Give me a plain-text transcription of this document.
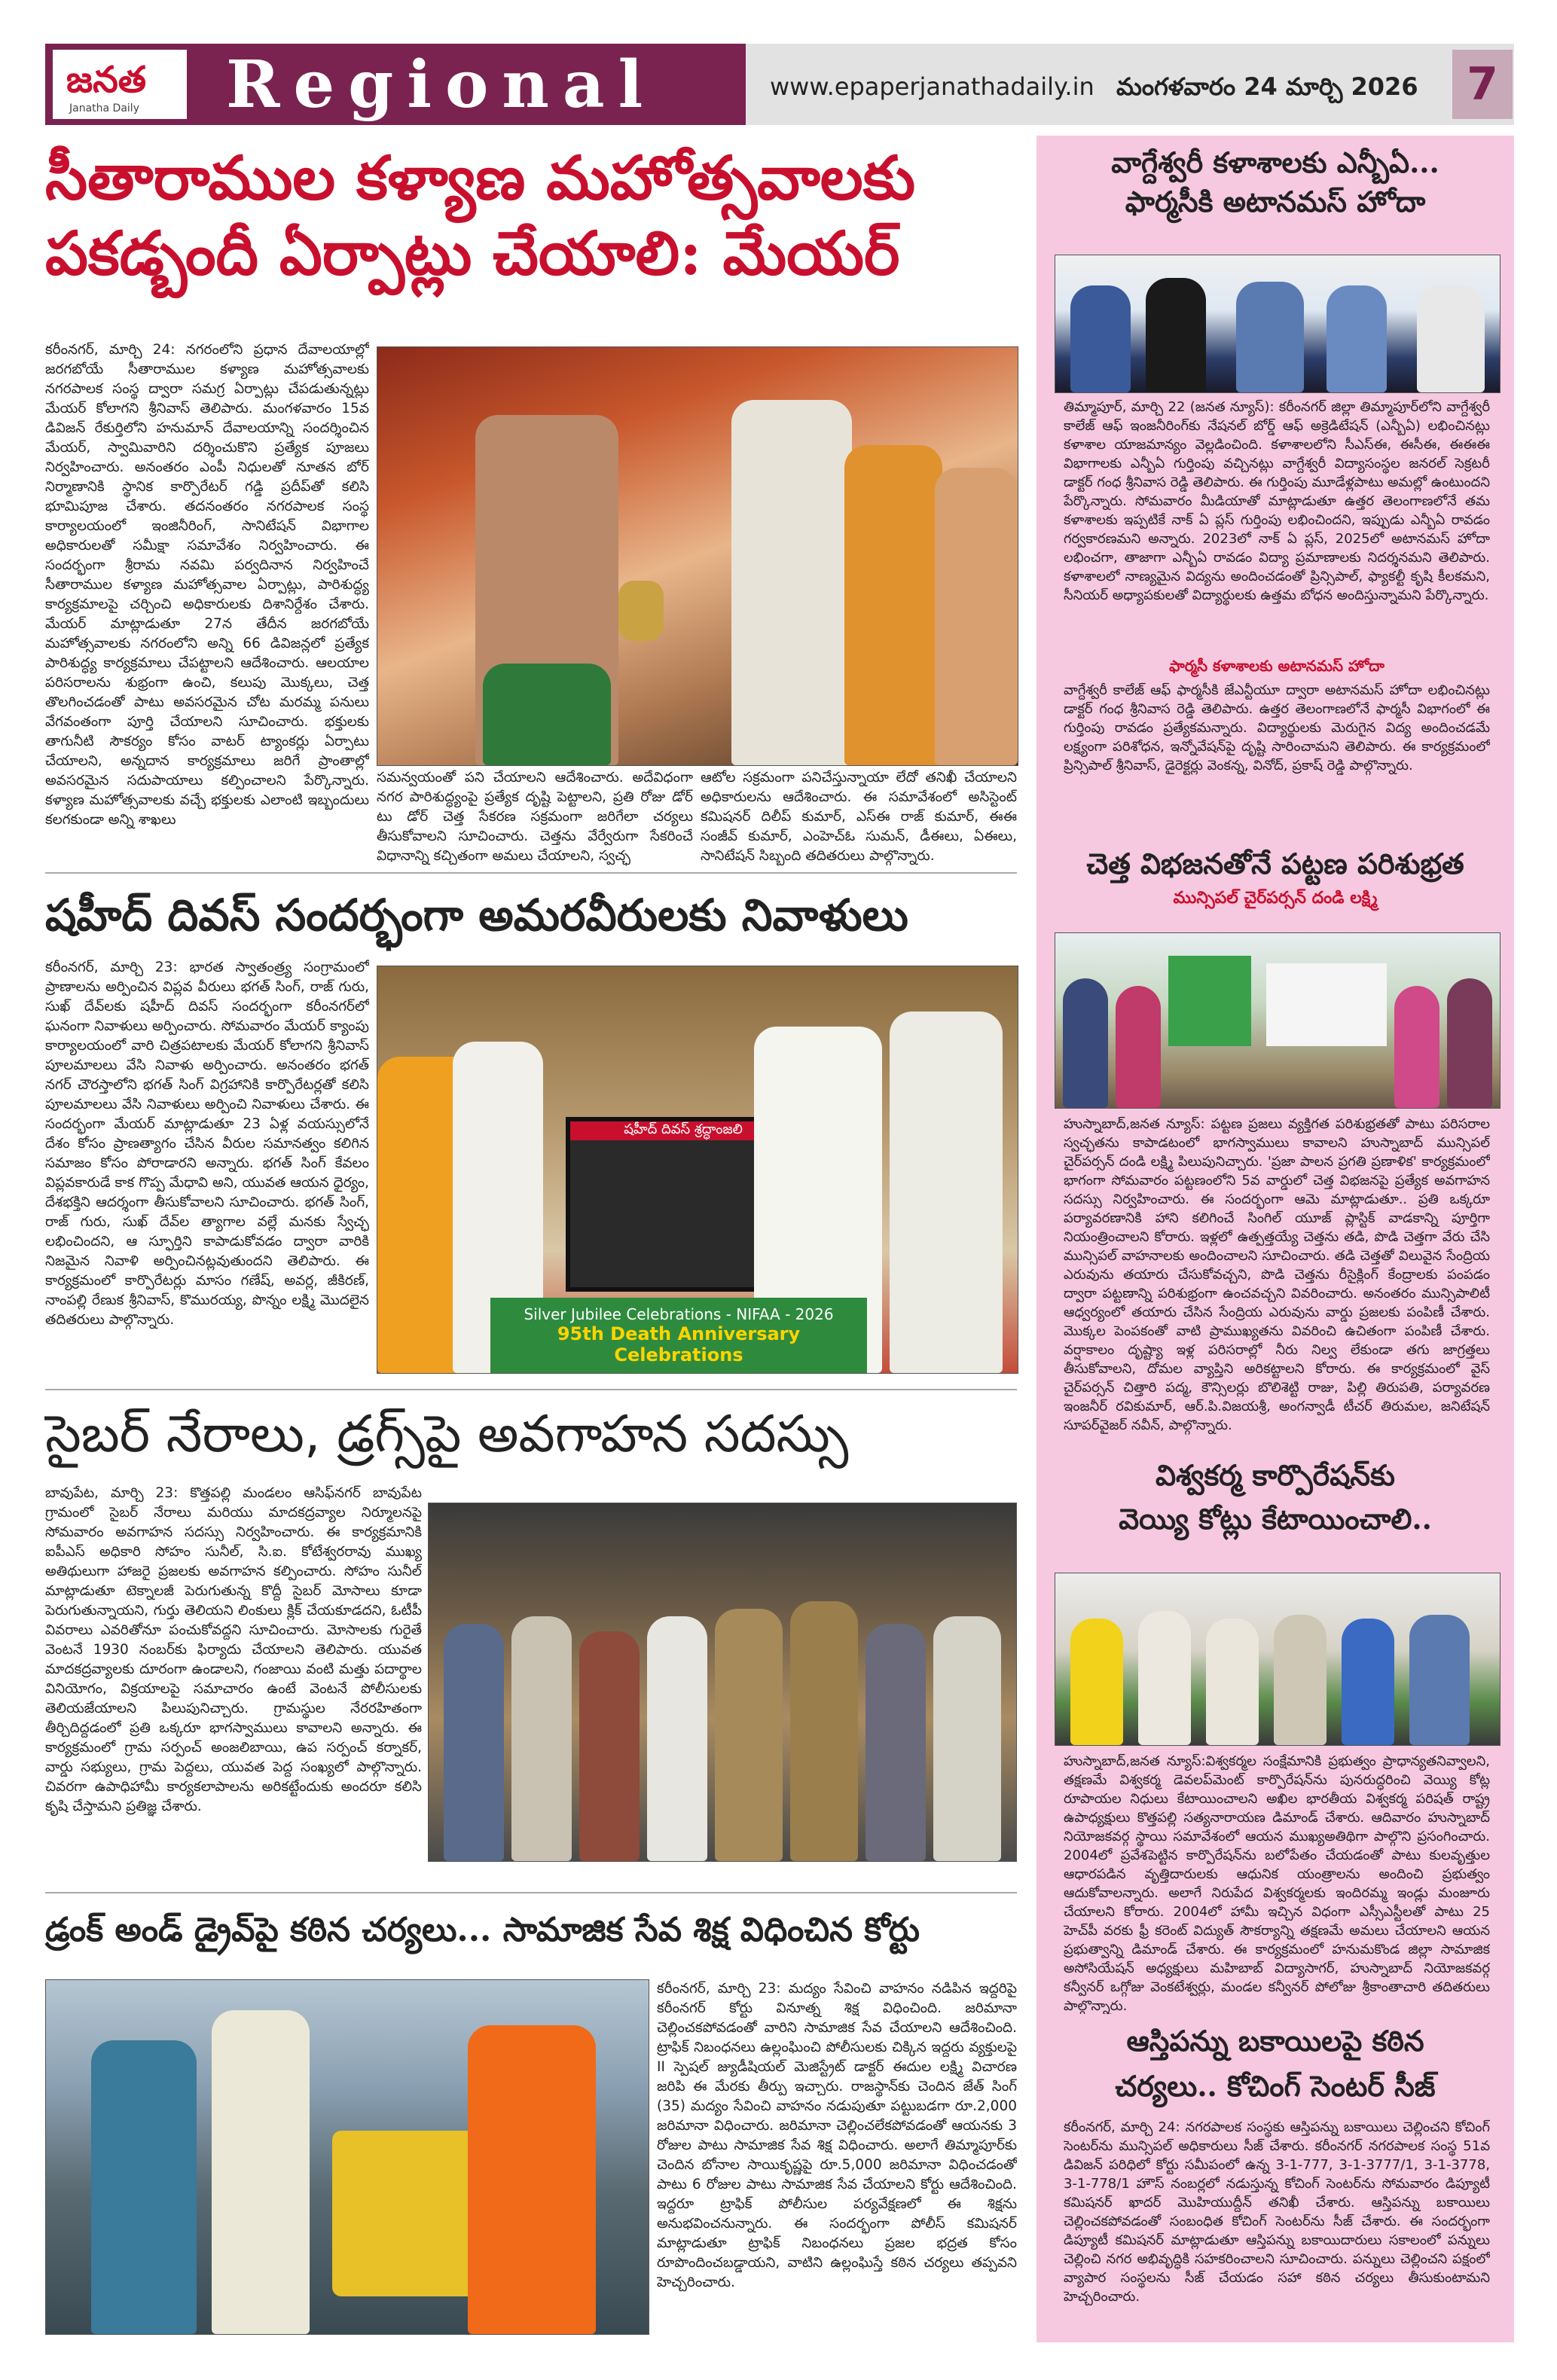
జనత
Janatha Daily	Regional	www.epaperjanathadaily.in మంగళవారం 24 మార్చి 2026	7
సీతారాముల కళ్యాణ మహోత్సవాలకు
పకడ్బందీ ఏర్పాట్లు చేయాలి: మేయర్
కరీంనగర్, మార్చి 24: నగరంలోని ప్రధాన దేవాలయాల్లో జరగబోయే సీతారాముల కళ్యాణ మహోత్సవాలకు నగరపాలక సంస్థ ద్వారా సమగ్ర ఏర్పాట్లు చేపడుతున్నట్లు మేయర్ కోలాగని శ్రీనివాస్ తెలిపారు. మంగళవారం 15వ డివిజన్ రేకుర్తిలోని హనుమాన్ దేవాలయాన్ని సందర్శించిన మేయర్, స్వామివారిని దర్శించుకొని ప్రత్యేక పూజలు నిర్వహించారు. అనంతరం ఎంపీ నిధులతో నూతన బోర్ నిర్మాణానికి స్థానిక కార్పొరేటర్ గడ్డి ప్రదీప్‌తో కలిసి భూమిపూజ చేశారు. తదనంతరం నగరపాలక సంస్థ కార్యాలయంలో ఇంజినీరింగ్, సానిటేషన్ విభాగాల అధికారులతో సమీక్షా సమావేశం నిర్వహించారు. ఈ సందర్భంగా శ్రీరామ నవమి పర్వదినాన నిర్వహించే సీతారాముల కళ్యాణ మహోత్సవాల ఏర్పాట్లు, పారిశుద్ధ్య కార్యక్రమాలపై చర్చించి అధికారులకు దిశానిర్దేశం చేశారు. మేయర్ మాట్లాడుతూ 27న తేదీన జరగబోయే మహోత్సవాలకు నగరంలోని అన్ని 66 డివిజన్లలో ప్రత్యేక పారిశుద్ధ్య కార్యక్రమాలు చేపట్టాలని ఆదేశించారు. ఆలయాల పరిసరాలను శుభ్రంగా ఉంచి, కలుపు మొక్కలు, చెత్త తొలగించడంతో పాటు అవసరమైన చోట మరమ్మ పనులు వేగవంతంగా పూర్తి చేయాలని సూచించారు. భక్తులకు తాగునీటి సౌకర్యం కోసం వాటర్ ట్యాంకర్లు ఏర్పాటు చేయాలని, అన్నదాన కార్యక్రమాలు జరిగే ప్రాంతాల్లో అవసరమైన సదుపాయాలు కల్పించాలని పేర్కొన్నారు. కళ్యాణ మహోత్సవాలకు వచ్చే భక్తులకు ఎలాంటి ఇబ్బందులు కలగకుండా అన్ని శాఖలు
సమన్వయంతో పని చేయాలని ఆదేశించారు. అదేవిధంగా నగర పారిశుద్ధ్యంపై ప్రత్యేక దృష్టి పెట్టాలని, ప్రతి రోజు డోర్ టు డోర్ చెత్త సేకరణ సక్రమంగా జరిగేలా చర్యలు తీసుకోవాలని సూచించారు. చెత్తను వేర్వేరుగా సేకరించే విధానాన్ని కచ్చితంగా అమలు చేయాలని, స్వచ్ఛ
ఆటోల సక్రమంగా పనిచేస్తున్నాయా లేదో తనిఖీ చేయాలని అధికారులను ఆదేశించారు. ఈ సమావేశంలో అసిస్టెంట్ కమిషనర్ దిలీప్ కుమార్, ఎస్ఈ రాజ్ కుమార్, ఈఈ సంజీవ్ కుమార్, ఎంహెచ్ఓ సుమన్, డీఈలు, ఏఈలు, సానిటేషన్ సిబ్బంది తదితరులు పాల్గొన్నారు.
షహీద్ దివస్ సందర్భంగా అమరవీరులకు నివాళులు
కరీంనగర్, మార్చి 23: భారత స్వాతంత్ర్య సంగ్రామంలో ప్రాణాలను అర్పించిన విప్లవ వీరులు భగత్ సింగ్, రాజ్ గురు, సుఖ్ దేవ్‌లకు షహీద్ దివస్ సందర్భంగా కరీంనగర్‌లో ఘనంగా నివాళులు అర్పించారు. సోమవారం మేయర్ క్యాంపు కార్యాలయంలో వారి చిత్రపటాలకు మేయర్ కోలాగని శ్రీనివాస్ పూలమాలలు వేసి నివాళు అర్పించారు. అనంతరం భగత్ నగర్ చౌరస్తాలోని భగత్ సింగ్ విగ్రహానికి కార్పొరేటర్లతో కలిసి పూలమాలలు వేసి నివాళులు అర్పించి నివాళులు చేశారు. ఈ సందర్భంగా మేయర్ మాట్లాడుతూ 23 ఏళ్ల వయస్సులోనే దేశం కోసం ప్రాణత్యాగం చేసిన వీరుల సమానత్వం కలిగిన సమాజం కోసం పోరాడారని అన్నారు. భగత్ సింగ్ కేవలం విప్లవకారుడే కాక గొప్ప మేధావి అని, యువత ఆయన ధైర్యం, దేశభక్తిని ఆదర్శంగా తీసుకోవాలని సూచించారు. భగత్ సింగ్, రాజ్ గురు, సుఖ్ దేవ్‌ల త్యాగాల వల్లే మనకు స్వేచ్ఛ లభించిందని, ఆ స్ఫూర్తిని కాపాడుకోవడం ద్వారా వారికి నిజమైన నివాళి అర్పించినట్లవుతుందని తెలిపారు. ఈ కార్యక్రమంలో కార్పొరేటర్లు మాసం గణేష్, అవర్ల, జీకిరణ్, నాంపల్లి రేణుక శ్రీనివాస్, కొమురయ్య, పొన్నం లక్ష్మి మొదలైన తదితరులు పాల్గొన్నారు.
షహీద్ దివస్ శ్రద్ధాంజలి
Silver Jubilee Celebrations - NIFAA - 2026
95th Death Anniversary Celebrations
సైబర్ నేరాలు, డ్రగ్స్‌పై అవగాహన సదస్సు
బావుపేట, మార్చి 23: కొత్తపల్లి మండలం ఆసిఫ్‌నగర్ బావుపేట గ్రామంలో సైబర్ నేరాలు మరియు మాదకద్రవ్యాల నిర్మూలనపై సోమవారం అవగాహన సదస్సు నిర్వహించారు. ఈ కార్యక్రమానికి ఐపీఎస్ అధికారి సోహం సునీల్, సి.ఐ. కోటేశ్వరరావు ముఖ్య అతిథులుగా హాజరై ప్రజలకు అవగాహన కల్పించారు. సోహం సునీల్ మాట్లాడుతూ టెక్నాలజీ పెరుగుతున్న కొద్దీ సైబర్ మోసాలు కూడా పెరుగుతున్నాయని, గుర్తు తెలియని లింకులు క్లిక్ చేయకూడదని, ఓటీపీ వివరాలు ఎవరితోనూ పంచుకోవద్దని సూచించారు. మోసాలకు గురైతే వెంటనే 1930 నంబర్‌కు ఫిర్యాదు చేయాలని తెలిపారు. యువత మాదకద్రవ్యాలకు దూరంగా ఉండాలని, గంజాయి వంటి మత్తు పదార్థాల వినియోగం, విక్రయాలపై సమాచారం ఉంటే వెంటనే పోలీసులకు తెలియజేయాలని పిలుపునిచ్చారు. గ్రామస్థుల నేరరహితంగా తీర్చిదిద్దడంలో ప్రతి ఒక్కరూ భాగస్వాములు కావాలని అన్నారు. ఈ కార్యక్రమంలో గ్రామ సర్పంచ్ అంజలిబాయి, ఉప సర్పంచ్ కర్నాకర్, వార్డు సభ్యులు, గ్రామ పెద్దలు, యువత పెద్ద సంఖ్యలో పాల్గొన్నారు. చివరగా ఉపాధిహామీ కార్యకలాపాలను అరికట్టేందుకు అందరూ కలిసి కృషి చేస్తామని ప్రతిజ్ఞ చేశారు.
డ్రంక్ అండ్ డ్రైవ్‌పై కఠిన చర్యలు... సామాజిక సేవ శిక్ష విధించిన కోర్టు
కరీంనగర్, మార్చి 23: మద్యం సేవించి వాహనం నడిపిన ఇద్దరిపై కరీంనగర్ కోర్టు వినూత్న శిక్ష విధించింది. జరిమానా చెల్లించకపోవడంతో వారిని సామాజిక సేవ చేయాలని ఆదేశించింది. ట్రాఫిక్ నిబంధనలు ఉల్లంఘించి పోలీసులకు చిక్కిన ఇద్దరు వ్యక్తులపై II స్పెషల్ జ్యుడీషియల్ మెజిస్ట్రేట్ డాక్టర్ ఈదుల లక్ష్మి విచారణ జరిపి ఈ మేరకు తీర్పు ఇచ్చారు. రాజస్థాన్‌కు చెందిన జేత్ సింగ్ (35) మద్యం సేవించి వాహనం నడుపుతూ పట్టుబడగా రూ.2,000 జరిమానా విధించారు. జరిమానా చెల్లించలేకపోవడంతో ఆయనకు 3 రోజుల పాటు సామాజిక సేవ శిక్ష విధించారు. అలాగే తిమ్మాపూర్‌కు చెందిన బోనాల సాయికృష్ణపై రూ.5,000 జరిమానా విధించడంతో పాటు 6 రోజుల పాటు సామాజిక సేవ చేయాలని కోర్టు ఆదేశించింది. ఇద్దరూ ట్రాఫిక్ పోలీసుల పర్యవేక్షణలో ఈ శిక్షను అనుభవించనున్నారు. ఈ సందర్భంగా పోలీస్ కమిషనర్ మాట్లాడుతూ ట్రాఫిక్ నిబంధనలు ప్రజల భద్రత కోసం రూపొందించబడ్డాయని, వాటిని ఉల్లంఘిస్తే కఠిన చర్యలు తప్పవని హెచ్చరించారు.
వాగ్దేశ్వరీ కళాశాలకు ఎన్బీఏ...
ఫార్మసీకి అటానమస్ హోదా
తిమ్మాపూర్, మార్చి 22 (జనత న్యూస్): కరీంనగర్ జిల్లా తిమ్మాపూర్‌లోని వాగ్దేశ్వరీ కాలేజ్ ఆఫ్ ఇంజనీరింగ్‌కు నేషనల్ బోర్డ్ ఆఫ్ అక్రెడిటేషన్ (ఎన్బీఏ) లభించినట్లు కళాశాల యాజమాన్యం వెల్లడించింది. కళాశాలలోని సీఎస్ఈ, ఈసీఈ, ఈఈఈ విభాగాలకు ఎన్బీఏ గుర్తింపు వచ్చినట్లు వాగ్దేశ్వరీ విద్యాసంస్థల జనరల్ సెక్రటరీ డాక్టర్ గంధ శ్రీనివాస రెడ్డి తెలిపారు. ఈ గుర్తింపు మూడేళ్లపాటు అమల్లో ఉంటుందని పేర్కొన్నారు. సోమవారం మీడియాతో మాట్లాడుతూ ఉత్తర తెలంగాణలోనే తమ కళాశాలకు ఇప్పటికే నాక్ ఏ ప్లస్ గుర్తింపు లభించిందని, ఇప్పుడు ఎన్బీఏ రావడం గర్వకారణమని అన్నారు. 2023లో నాక్ ఏ ప్లస్, 2025లో అటానమస్ హోదా లభించగా, తాజాగా ఎన్బీఏ రావడం విద్యా ప్రమాణాలకు నిదర్శనమని తెలిపారు. కళాశాలలో నాణ్యమైన విద్యను అందించడంతో ప్రిన్సిపాల్, ఫ్యాకల్టీ కృషి కీలకమని, సీనియర్ అధ్యాపకులతో విద్యార్థులకు ఉత్తమ బోధన అందిస్తున్నామని పేర్కొన్నారు.
ఫార్మసీ కళాశాలకు అటానమస్ హోదా
వాగ్దేశ్వరీ కాలేజ్ ఆఫ్ ఫార్మసీకి జేఎన్టీయూ ద్వారా అటానమస్ హోదా లభించినట్లు డాక్టర్ గంధ శ్రీనివాస రెడ్డి తెలిపారు. ఉత్తర తెలంగాణలోనే ఫార్మసీ విభాగంలో ఈ గుర్తింపు రావడం ప్రత్యేకమన్నారు. విద్యార్థులకు మెరుగైన విద్య అందించడమే లక్ష్యంగా పరిశోధన, ఇన్నోవేషన్‌పై దృష్టి సారించామని తెలిపారు. ఈ కార్యక్రమంలో ప్రిన్సిపాల్ శ్రీనివాస్, డైరెక్టర్లు వెంకన్న, వినోద్, ప్రకాష్ రెడ్డి పాల్గొన్నారు.
చెత్త విభజనతోనే పట్టణ పరిశుభ్రత
మున్సిపల్ చైర్‌పర్సన్ దండి లక్ష్మి
హుస్నాబాద్,జనత న్యూస్: పట్టణ ప్రజలు వ్యక్తిగత పరిశుభ్రతతో పాటు పరిసరాల స్వచ్ఛతను కాపాడటంలో భాగస్వాములు కావాలని హుస్నాబాద్ మున్సిపల్ చైర్‌పర్సన్ దండి లక్ష్మి పిలుపునిచ్చారు. 'ప్రజా పాలన ప్రగతి ప్రణాళిక' కార్యక్రమంలో భాగంగా సోమవారం పట్టణంలోని 5వ వార్డులో చెత్త విభజనపై ప్రత్యేక అవగాహన సదస్సు నిర్వహించారు. ఈ సందర్భంగా ఆమె మాట్లాడుతూ.. ప్రతి ఒక్కరూ పర్యావరణానికి హాని కలిగించే సింగిల్ యూజ్ ప్లాస్టిక్ వాడకాన్ని పూర్తిగా నియంత్రించాలని కోరారు. ఇళ్లలో ఉత్పత్తయ్యే చెత్తను తడి, పొడి చెత్తగా వేరు చేసి మున్సిపల్ వాహనాలకు అందించాలని సూచించారు. తడి చెత్తతో విలువైన సేంద్రియ ఎరువును తయారు చేసుకోవచ్చని, పొడి చెత్తను రీసైక్లింగ్ కేంద్రాలకు పంపడం ద్వారా పట్టణాన్ని పరిశుభ్రంగా ఉంచవచ్చని వివరించారు. అనంతరం మున్సిపాలిటీ ఆధ్వర్యంలో తయారు చేసిన సేంద్రియ ఎరువును వార్డు ప్రజలకు పంపిణీ చేశారు. మొక్కల పెంపకంతో వాటి ప్రాముఖ్యతను వివరించి ఉచితంగా పంపిణీ చేశారు. వర్షాకాలం దృష్ట్యా ఇళ్ల పరిసరాల్లో నీరు నిల్వ లేకుండా తగు జాగ్రత్తలు తీసుకోవాలని, దోమల వ్యాప్తిని అరికట్టాలని కోరారు. ఈ కార్యక్రమంలో వైస్ చైర్‌పర్సన్ చిత్తారి పద్మ, కౌన్సిలర్లు బొలిశెట్టి రాజు, పిల్లి తిరుపతి, పర్యావరణ ఇంజనీర్ రవికుమార్, ఆర్.పి.విజయశ్రీ, అంగన్వాడీ టీచర్ తిరుమల, జనిటేషన్ సూపర్‌వైజర్ నవీన్, పాల్గొన్నారు.
విశ్వకర్మ కార్పొరేషన్‌కు
వెయ్యి కోట్లు కేటాయించాలి..
హుస్నాబాద్,జనత న్యూస్:విశ్వకర్మల సంక్షేమానికి ప్రభుత్వం ప్రాధాన్యతనివ్వాలని, తక్షణమే విశ్వకర్మ డెవలప్‌మెంట్ కార్పొరేషన్‌ను పునరుద్ధరించి వెయ్యి కోట్ల రూపాయల నిధులు కేటాయించాలని అఖిల భారతీయ విశ్వకర్మ పరిషత్ రాష్ట్ర ఉపాధ్యక్షులు కొత్తపల్లి సత్యనారాయణ డిమాండ్ చేశారు. ఆదివారం హుస్నాబాద్ నియోజకవర్గ స్థాయి సమావేశంలో ఆయన ముఖ్యఅతిథిగా పాల్గొని ప్రసంగించారు. 2004లో ప్రవేశపెట్టిన కార్పొరేషన్‌ను బలోపేతం చేయడంతో పాటు కులవృత్తుల ఆధారపడిన వృత్తిదారులకు ఆధునిక యంత్రాలను అందించి ప్రభుత్వం ఆదుకోవాలన్నారు. అలాగే నిరుపేద విశ్వకర్మలకు ఇందిరమ్మ ఇండ్లు మంజూరు చేయాలని కోరారు. 2004లో హామీ ఇచ్చిన విధంగా ఎస్సీఎస్టీలతో పాటు 25 హెచ్‌పీ వరకు ఫ్రీ కరెంట్ విద్యుత్ సౌకర్యాన్ని తక్షణమే అమలు చేయాలని ఆయన ప్రభుత్వాన్ని డిమాండ్ చేశారు. ఈ కార్యక్రమంలో హనుమకొండ జిల్లా సామాజిక అసోసియేషన్ అధ్యక్షులు మహిబాబ్ విద్యాసాగర్, హుస్నాబాద్ నియోజకవర్గ కన్వీనర్ ఒగ్గోజు వెంకటేశ్వర్లు, మండల కన్వీనర్ పోలోజు శ్రీకాంతాచారి తదితరులు పాల్గొన్నారు.
ఆస్తిపన్ను బకాయిలపై కఠిన
చర్యలు.. కోచింగ్ సెంటర్ సీజ్
కరీంనగర్, మార్చి 24: నగరపాలక సంస్థకు ఆస్తిపన్ను బకాయిలు చెల్లించని కోచింగ్ సెంటర్‌ను మున్సిపల్ అధికారులు సీజ్ చేశారు. కరీంనగర్ నగరపాలక సంస్థ 51వ డివిజన్ పరిధిలో కోర్టు సమీపంలో ఉన్న 3-1-777, 3-1-3777/1, 3-1-3778, 3-1-778/1 హౌస్ నంబర్లలో నడుస్తున్న కోచింగ్ సెంటర్‌ను సోమవారం డిప్యూటీ కమిషనర్ ఖాదర్ మొహియుద్దీన్ తనిఖీ చేశారు. ఆస్తిపన్ను బకాయిలు చెల్లించకపోవడంతో సంబంధిత కోచింగ్ సెంటర్‌ను సీజ్ చేశారు. ఈ సందర్భంగా డిప్యూటీ కమిషనర్ మాట్లాడుతూ ఆస్తిపన్ను బకాయిదారులు సకాలంలో పన్నులు చెల్లించి నగర అభివృద్ధికి సహకరించాలని సూచించారు. పన్నులు చెల్లించని పక్షంలో వ్యాపార సంస్థలను సీజ్ చేయడం సహా కఠిన చర్యలు తీసుకుంటామని హెచ్చరించారు.
